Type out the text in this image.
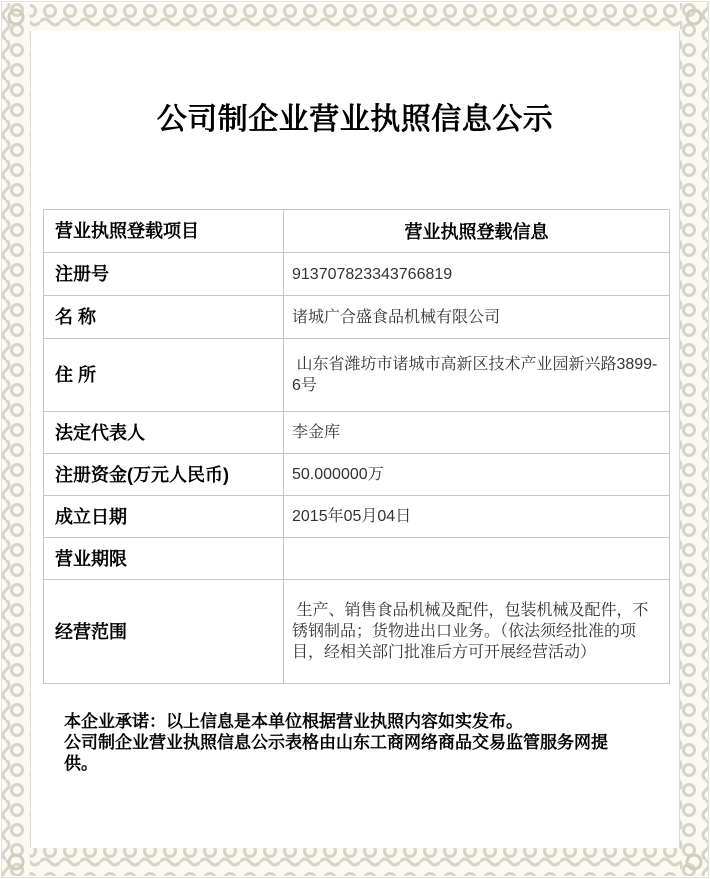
公司制企业营业执照信息公示
营业执照登载项目	营业执照登载信息
注册号	913707823343766819
名 称	诸城广合盛食品机械有限公司
住 所	山东省潍坊市诸城市高新区技术产业园新兴路3899-6号
法定代表人	李金库
注册资金(万元人民币)	50.000000万
成立日期	2015年05月04日
营业期限	
经营范围	生产、销售食品机械及配件，包装机械及配件，不锈钢制品；货物进出口业务。（依法须经批准的项目，经相关部门批准后方可开展经营活动）

本企业承诺：以上信息是本单位根据营业执照内容如实发布。

公司制企业营业执照信息公示表格由山东工商网络商品交易监管服务网提供。
